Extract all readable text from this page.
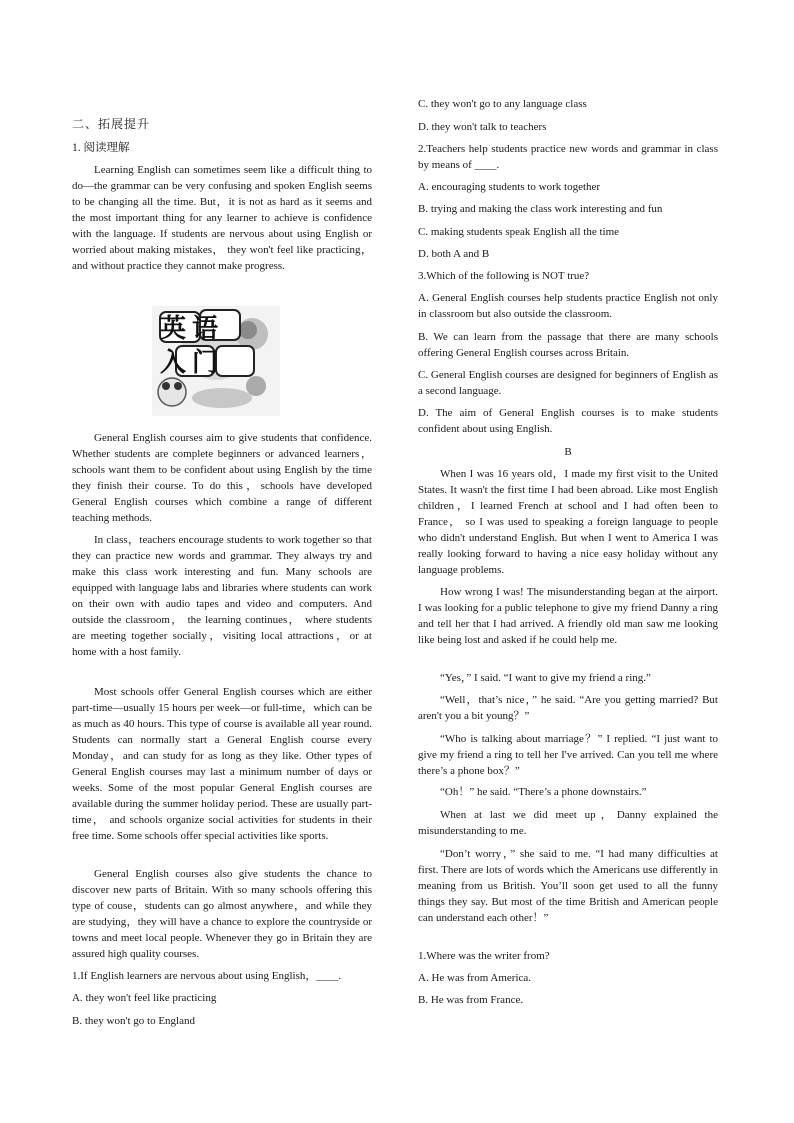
二、拓展提升
1. 阅读理解

Learning English can sometimes seem like a difficult thing to do—the grammar can be very confusing and spoken English seems to be changing all the time. But，it is not as hard as it seems and the most important thing for any learner to achieve is confidence with the language. If students are nervous about using English or worried about making mistakes， they won't feel like practicing， and without practice they cannot make progress.

英语入门

General English courses aim to give students that confidence. Whether students are complete beginners or advanced learners，schools want them to be confident about using English by the time they finish their course. To do this，schools have developed General English courses which combine a range of different teaching methods.

In class，teachers encourage students to work together so that they can practice new words and grammar. They always try and make this class work interesting and fun. Many schools are equipped with language labs and libraries where students can work on their own with audio tapes and video and computers. And outside the classroom， the learning continues， where students are meeting together socially，visiting local attractions，or at home with a host family.

Most schools offer General English courses which are either part-time—usually 15 hours per week—or full-time，which can be as much as 40 hours. This type of course is available all year round. Students can normally start a General English course every Monday，and can study for as long as they like. Other types of General English courses may last a minimum number of days or weeks. Some of the most popular General English courses are available during the summer holiday period. These are usually part-time， and schools organize social activities for students in their free time. Some schools offer special activities like sports.

General English courses also give students the chance to discover new parts of Britain. With so many schools offering this type of couse，students can go almost anywhere，and while they are studying，they will have a chance to explore the countryside or towns and meet local people. Whenever they go in Britain they are assured high quality courses.

1.If English learners are nervous about using English，____.

A. they won't feel like practicing

B. they won't go to England

C. they won't go to any language class

D. they won't talk to teachers

2.Teachers help students practice new words and grammar in class by means of ____.

A. encouraging students to work together

B. trying and making the class work interesting and fun

C. making students speak English all the time

D. both A and B

3.Which of the following is NOT true?

A. General English courses help students practice English not only in classroom but also outside the classroom.

B. We can learn from the passage that there are many schools offering General English courses across Britain.

C. General English courses are designed for beginners of English as a second language.

D. The aim of General English courses is to make students confident about using English.

B

When I was 16 years old，I made my first visit to the United States. It wasn't the first time I had been abroad. Like most English children，I learned French at school and I had often been to France， so I was used to speaking a foreign language to people who didn't understand English. But when I went to America I was really looking forward to having a nice easy holiday without any language problems.

How wrong I was! The misunderstanding began at the airport. I was looking for a public telephone to give my friend Danny a ring and tell her that I had arrived. A friendly old man saw me looking like being lost and asked if he could help me.

“Yes，” I said. “I want to give my friend a ring.”

“Well，that’s nice，” he said. “Are you getting married? But aren't you a bit young？”

“Who is talking about marriage？” I replied. “I just want to give my friend a ring to tell her I've arrived. Can you tell me where there’s a phone box？”

“Oh！” he said. “There’s a phone downstairs.”

When at last we did meet up，Danny explained the misunderstanding to me.

“Don’t worry，” she said to me. “I had many difficulties at first. There are lots of words which the Americans use differently in meaning from us British. You’ll soon get used to all the funny things they say. But most of the time British and American people can understand each other！”

1.Where was the writer from?

A. He was from America.

B. He was from France.
